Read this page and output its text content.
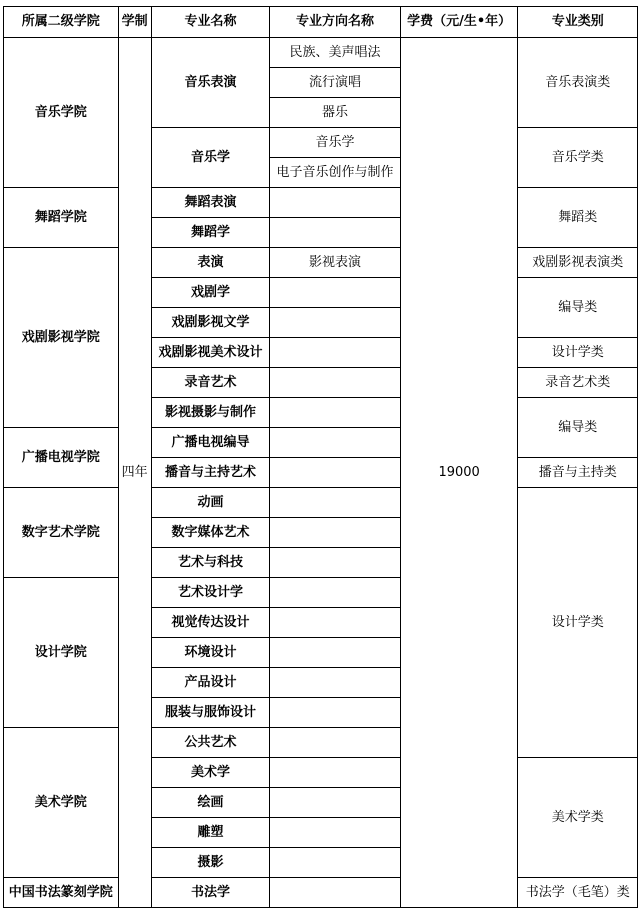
所属二级学院	学制	专业名称	专业方向名称	学费（元/生•年）	专业类别
音乐学院	四年	音乐表演	民族、美声唱法	19000	音乐表演类
			流行演唱		
			器乐		
		音乐学	音乐学		音乐学类
			电子音乐创作与制作		
舞蹈学院		舞蹈表演			舞蹈类
		舞蹈学			
戏剧影视学院		表演	影视表演		戏剧影视表演类
		戏剧学			编导类
		戏剧影视文学			
		戏剧影视美术设计			设计学类
		录音艺术			录音艺术类
		影视摄影与制作			编导类
广播电视学院		广播电视编导			
		播音与主持艺术			播音与主持类
数字艺术学院		动画			设计学类
		数字媒体艺术			
		艺术与科技			
设计学院		艺术设计学			
		视觉传达设计			
		环境设计			
		产品设计			
		服装与服饰设计			
美术学院		公共艺术			
		美术学			美术学类
		绘画			
		雕塑			
		摄影			
中国书法篆刻学院		书法学			书法学（毛笔）类
